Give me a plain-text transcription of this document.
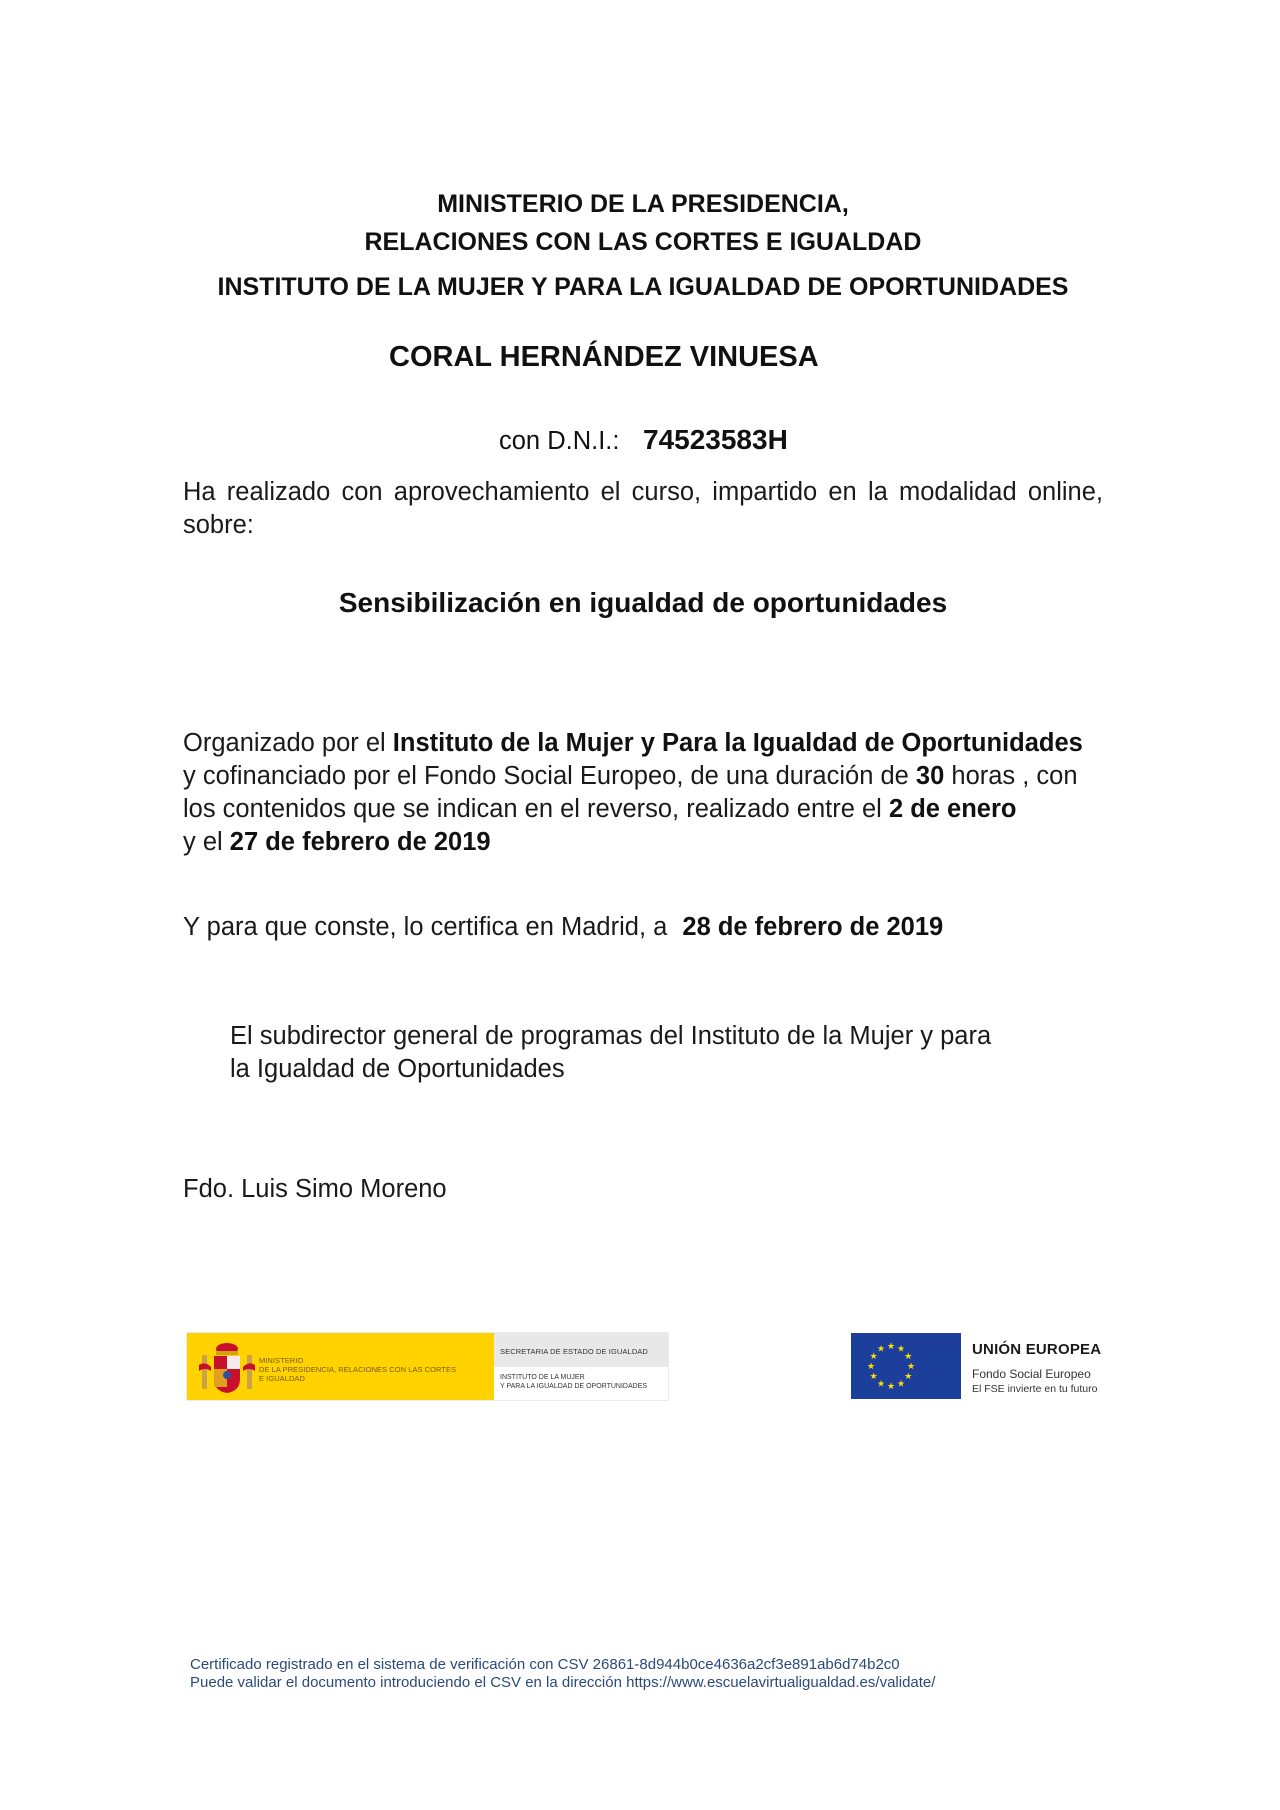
MINISTERIO DE LA PRESIDENCIA,
RELACIONES CON LAS CORTES E IGUALDAD
INSTITUTO DE LA MUJER Y PARA LA IGUALDAD DE OPORTUNIDADES
CORAL HERNÁNDEZ VINUESA
con D.N.I.: 74523583H
Ha realizado con aprovechamiento el curso, impartido en la modalidad online,
sobre:
Sensibilización en igualdad de oportunidades
Organizado por el Instituto de la Mujer y Para la Igualdad de Oportunidades
y cofinanciado por el Fondo Social Europeo, de una duración de 30 horas , con
los contenidos que se indican en el reverso, realizado entre el 2 de enero
y el 27 de febrero de 2019
Y para que conste, lo certifica en Madrid, a 28 de febrero de 2019
El subdirector general de programas del Instituto de la Mujer y para
la Igualdad de Oportunidades
Fdo. Luis Simo Moreno
MINISTERIO
DE LA PRESIDENCIA, RELACIONES CON LAS CORTES
E IGUALDAD
SECRETARIA DE ESTADO DE IGUALDAD
INSTITUTO DE LA MUJER
Y PARA LA IGUALDAD DE OPORTUNIDADES
★ ★
★
★
★
★
★
★
★
★
★
★	UNIÓN EUROPEA
Fondo Social Europeo
El FSE invierte en tu futuro
Certificado registrado en el sistema de verificación con CSV 26861-8d944b0ce4636a2cf3e891ab6d74b2c0
Puede validar el documento introduciendo el CSV en la dirección https://www.escuelavirtualigualdad.es/validate/
